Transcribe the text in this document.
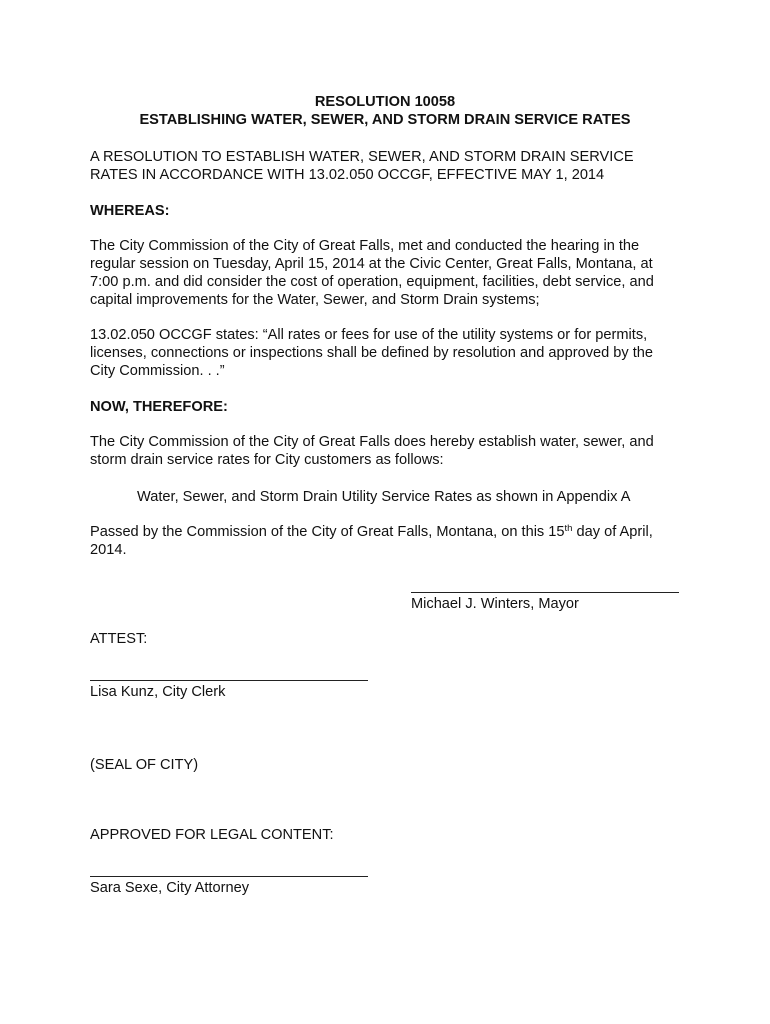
RESOLUTION 10058
ESTABLISHING WATER, SEWER, AND STORM DRAIN SERVICE RATES
A RESOLUTION TO ESTABLISH WATER, SEWER, AND STORM DRAIN SERVICE
RATES IN ACCORDANCE WITH 13.02.050 OCCGF, EFFECTIVE MAY 1, 2014
WHEREAS:
The City Commission of the City of Great Falls, met and conducted the hearing in the
regular session on Tuesday, April 15, 2014 at the Civic Center, Great Falls, Montana, at
7:00 p.m. and did consider the cost of operation, equipment, facilities, debt service, and
capital improvements for the Water, Sewer, and Storm Drain systems;
13.02.050 OCCGF states: “All rates or fees for use of the utility systems or for permits,
licenses, connections or inspections shall be defined by resolution and approved by the
City Commission. . .”
NOW, THEREFORE:
The City Commission of the City of Great Falls does hereby establish water, sewer, and
storm drain service rates for City customers as follows:
Water, Sewer, and Storm Drain Utility Service Rates as shown in Appendix A
Passed by the Commission of the City of Great Falls, Montana, on this 15th day of April,
2014.
Michael J. Winters, Mayor
ATTEST:
Lisa Kunz, City Clerk
(SEAL OF CITY)
APPROVED FOR LEGAL CONTENT:
Sara Sexe, City Attorney
